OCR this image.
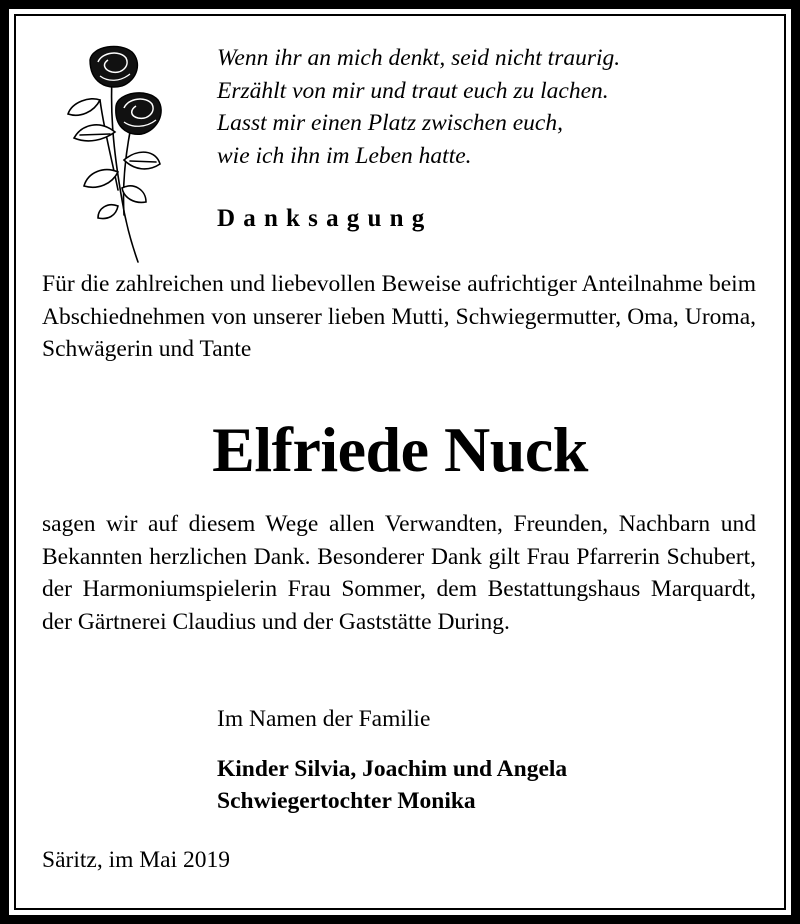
Wenn ihr an mich denkt, seid nicht traurig.
Erzählt von mir und traut euch zu lachen.
Lasst mir einen Platz zwischen euch,
wie ich ihn im Leben hatte.
Danksagung
Für die zahlreichen und liebevollen Beweise aufrichtiger Anteilnahme beim Abschiednehmen von unserer lieben Mutti, Schwiegermutter, Oma, Uroma, Schwägerin und Tante
Elfriede Nuck
sagen wir auf diesem Wege allen Verwandten, Freunden, Nachbarn und Bekannten herzlichen Dank. Besonderer Dank gilt Frau Pfarrerin Schubert, der Harmoniumspielerin Frau Sommer, dem Bestattungshaus Marquardt, der Gärtnerei Claudius und der Gaststätte During.
Im Namen der Familie
Kinder Silvia, Joachim und Angela
Schwiegertochter Monika
Säritz, im Mai 2019
